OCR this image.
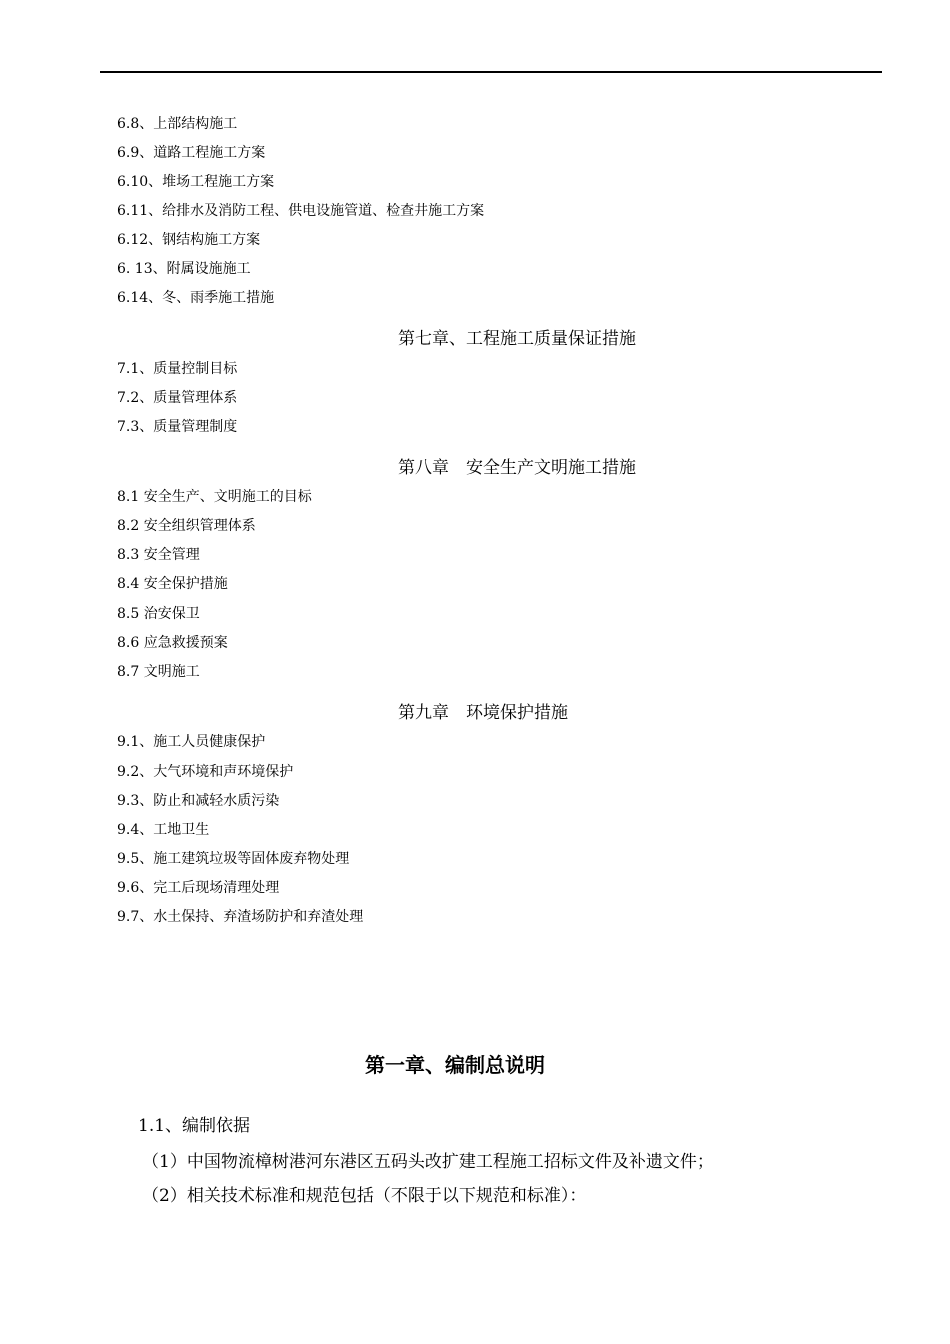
6.8、上部结构施工
6.9、道路工程施工方案
6.10、堆场工程施工方案
6.11、给排水及消防工程、供电设施管道、检查井施工方案
6.12、钢结构施工方案
6. 13、附属设施施工
6.14、冬、雨季施工措施
第七章、工程施工质量保证措施
7.1、质量控制目标
7.2、质量管理体系
7.3、质量管理制度
第八章　安全生产文明施工措施
8.1 安全生产、文明施工的目标
8.2 安全组织管理体系
8.3 安全管理
8.4 安全保护措施
8.5 治安保卫
8.6 应急救援预案
8.7 文明施工
第九章　环境保护措施
9.1、施工人员健康保护
9.2、大气环境和声环境保护
9.3、防止和减轻水质污染
9.4、工地卫生
9.5、施工建筑垃圾等固体废弃物处理
9.6、完工后现场清理处理
9.7、水土保持、弃渣场防护和弃渣处理
第一章、编制总说明
1.1、编制依据
（1）中国物流樟树港河东港区五码头改扩建工程施工招标文件及补遗文件；
（2）相关技术标准和规范包括（不限于以下规范和标准）：
